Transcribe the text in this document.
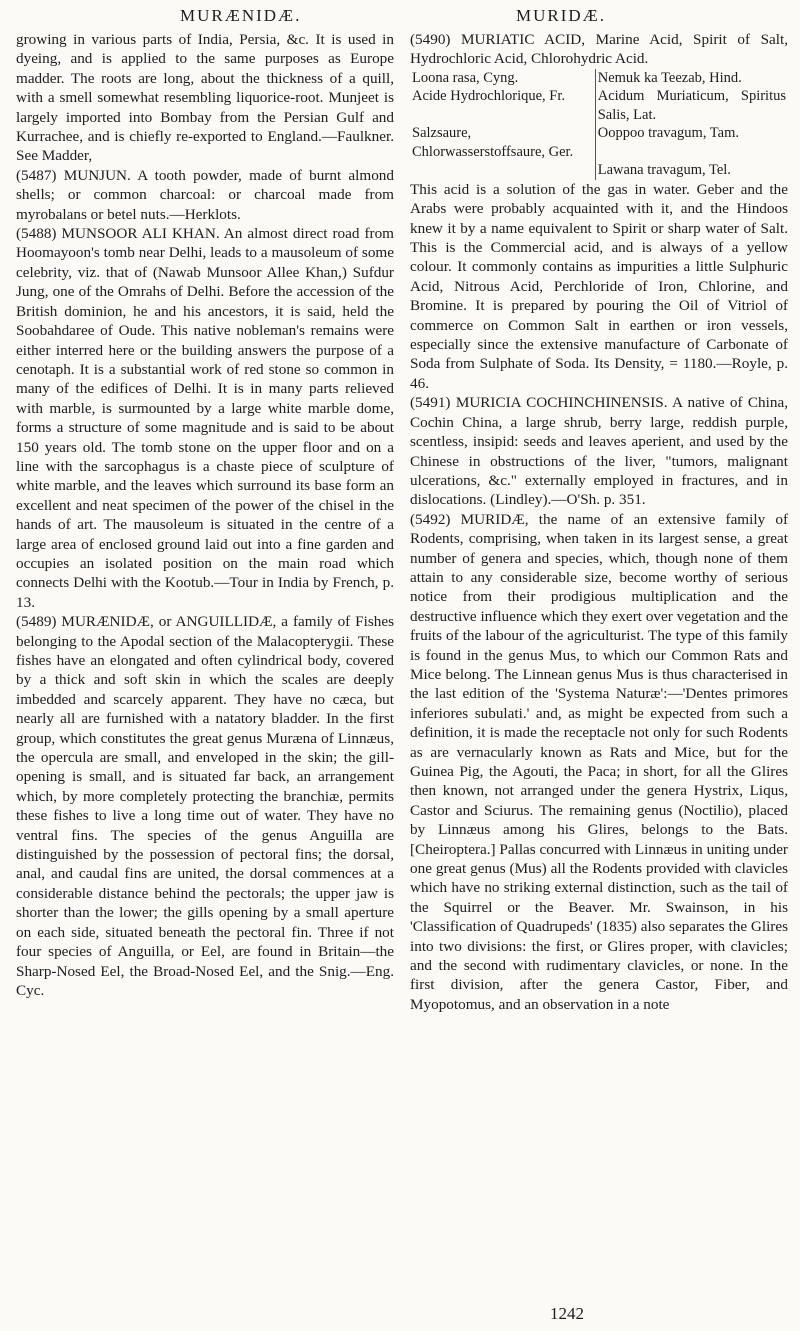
MURÆNIDÆ.	MURIDÆ.

growing in various parts of India, Persia, &c. It is used in dyeing, and is applied to the same purposes as Europe madder. The roots are long, about the thickness of a quill, with a smell somewhat resembling liquorice-root. Munjeet is largely imported into Bombay from the Persian Gulf and Kurrachee, and is chiefly re-exported to England.—Faulkner. See Madder,

(5487) MUNJUN. A tooth powder, made of burnt almond shells; or common charcoal: or charcoal made from myrobalans or betel nuts.—Herklots.

(5488) MUNSOOR ALI KHAN. An almost direct road from Hoomayoon's tomb near Delhi, leads to a mausoleum of some celebrity, viz. that of (Nawab Munsoor Allee Khan,) Sufdur Jung, one of the Omrahs of Delhi. Before the accession of the British dominion, he and his ancestors, it is said, held the Soobahdaree of Oude. This native nobleman's remains were either interred here or the building answers the purpose of a cenotaph. It is a substantial work of red stone so common in many of the edifices of Delhi. It is in many parts relieved with marble, is surmounted by a large white marble dome, forms a structure of some magnitude and is said to be about 150 years old. The tomb stone on the upper floor and on a line with the sarcophagus is a chaste piece of sculpture of white marble, and the leaves which surround its base form an excellent and neat specimen of the power of the chisel in the hands of art. The mausoleum is situated in the centre of a large area of enclosed ground laid out into a fine garden and occupies an isolated position on the main road which connects Delhi with the Kootub.—Tour in India by French, p. 13.

(5489) MURÆNIDÆ, or ANGUILLIDÆ, a family of Fishes belonging to the Apodal section of the Malacopterygii. These fishes have an elongated and often cylindrical body, covered by a thick and soft skin in which the scales are deeply imbedded and scarcely apparent. They have no cæca, but nearly all are furnished with a natatory bladder. In the first group, which constitutes the great genus Muræna of Linnæus, the opercula are small, and enveloped in the skin; the gill-opening is small, and is situated far back, an arrangement which, by more completely protecting the branchiæ, permits these fishes to live a long time out of water. They have no ventral fins. The species of the genus Anguilla are distinguished by the possession of pectoral fins; the dorsal, anal, and caudal fins are united, the dorsal commences at a considerable distance behind the pectorals; the upper jaw is shorter than the lower; the gills opening by a small aperture on each side, situated beneath the pectoral fin. Three if not four species of Anguilla, or Eel, are found in Britain—the Sharp-Nosed Eel, the Broad-Nosed Eel, and the Snig.—Eng. Cyc.

(5490) MURIATIC ACID, Marine Acid, Spirit of Salt, Hydrochloric Acid, Chlorohydric Acid.

Loona rasa, Cyng.	Nemuk ka Teezab, Hind.
Acide Hydrochlorique, Fr.	Acidum Muriaticum, Spiritus Salis, Lat.
Salzsaure, Chlorwasserstoffsaure, Ger.	Ooppoo travagum, Tam.
	Lawana travagum, Tel.

This acid is a solution of the gas in water. Geber and the Arabs were probably acquainted with it, and the Hindoos knew it by a name equivalent to Spirit or sharp water of Salt. This is the Commercial acid, and is always of a yellow colour. It commonly contains as impurities a little Sulphuric Acid, Nitrous Acid, Perchloride of Iron, Chlorine, and Bromine. It is prepared by pouring the Oil of Vitriol of commerce on Common Salt in earthen or iron vessels, especially since the extensive manufacture of Carbonate of Soda from Sulphate of Soda. Its Density, = 1180.—Royle, p. 46.

(5491) MURICIA COCHINCHINENSIS. A native of China, Cochin China, a large shrub, berry large, reddish purple, scentless, insipid: seeds and leaves aperient, and used by the Chinese in obstructions of the liver, "tumors, malignant ulcerations, &c." externally employed in fractures, and in dislocations. (Lindley).—O'Sh. p. 351.

(5492) MURIDÆ, the name of an extensive family of Rodents, comprising, when taken in its largest sense, a great number of genera and species, which, though none of them attain to any considerable size, become worthy of serious notice from their prodigious multiplication and the destructive influence which they exert over vegetation and the fruits of the labour of the agriculturist. The type of this family is found in the genus Mus, to which our Common Rats and Mice belong. The Linnean genus Mus is thus characterised in the last edition of the 'Systema Naturæ':—'Dentes primores inferiores subulati.' and, as might be expected from such a definition, it is made the receptacle not only for such Rodents as are vernacularly known as Rats and Mice, but for the Guinea Pig, the Agouti, the Paca; in short, for all the Glires then known, not arranged under the genera Hystrix, Liqus, Castor and Sciurus. The remaining genus (Noctilio), placed by Linnæus among his Glires, belongs to the Bats. [Cheiroptera.] Pallas concurred with Linnæus in uniting under one great genus (Mus) all the Rodents provided with clavicles which have no striking external distinction, such as the tail of the Squirrel or the Beaver. Mr. Swainson, in his 'Classification of Quadrupeds' (1835) also separates the Glires into two divisions: the first, or Glires proper, with clavicles; and the second with rudimentary clavicles, or none. In the first division, after the genera Castor, Fiber, and Myopotomus, and an observation in a note

1242
